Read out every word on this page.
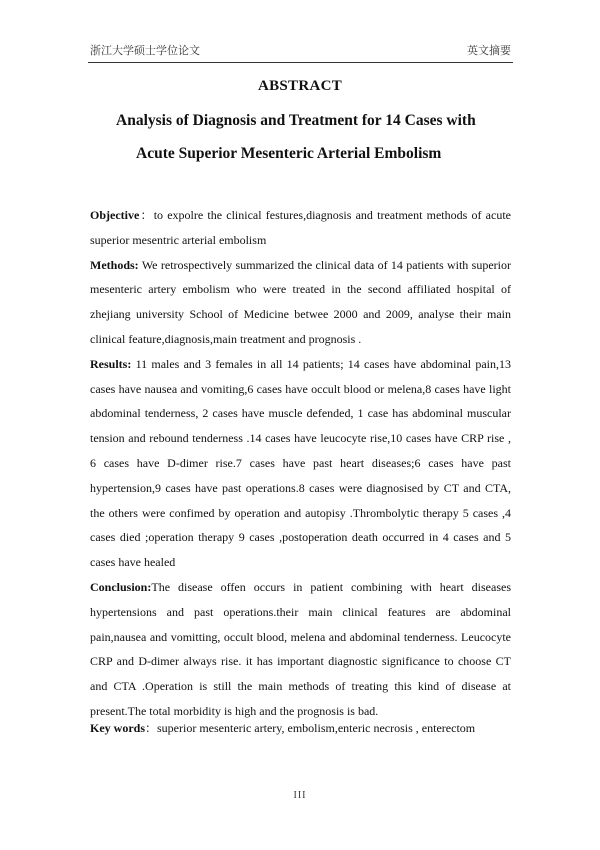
浙江大学硕士学位论文	英文摘要
ABSTRACT
Analysis of Diagnosis and Treatment for 14 Cases with
Acute Superior Mesenteric Arterial Embolism

Objective：to expolre the clinical festures,diagnosis and treatment methods of acute superior mesentric arterial embolism

Methods: We retrospectively summarized the clinical data of 14 patients with superior mesenteric artery embolism who were treated in the second affiliated hospital of zhejiang university School of Medicine betwee 2000 and 2009, analyse their main clinical feature,diagnosis,main treatment and prognosis .

Results: 11 males and 3 females in all 14 patients; 14 cases have abdominal pain,13 cases have nausea and vomiting,6 cases have occult blood or melena,8 cases have light abdominal tenderness, 2 cases have muscle defended, 1 case has abdominal muscular tension and rebound tenderness .14 cases have leucocyte rise,10 cases have CRP rise , 6 cases have D-dimer rise.7 cases have past heart diseases;6 cases have past hypertension,9 cases have past operations.8 cases were diagnosised by CT and CTA, the others were confimed by operation and autopisy .Thrombolytic therapy 5 cases ,4 cases died ;operation therapy 9 cases ,postoperation death occurred in 4 cases and 5 cases have healed

Conclusion:The disease offen occurs in patient combining with heart diseases hypertensions and past operations.their main clinical features are abdominal pain,nausea and vomitting, occult blood, melena and abdominal tenderness. Leucocyte CRP and D-dimer always rise. it has important diagnostic significance to choose CT and CTA .Operation is still the main methods of treating this kind of disease at present.The total morbidity is high and the prognosis is bad.

Key words：superior mesenteric artery, embolism,enteric necrosis , enterectom
III
